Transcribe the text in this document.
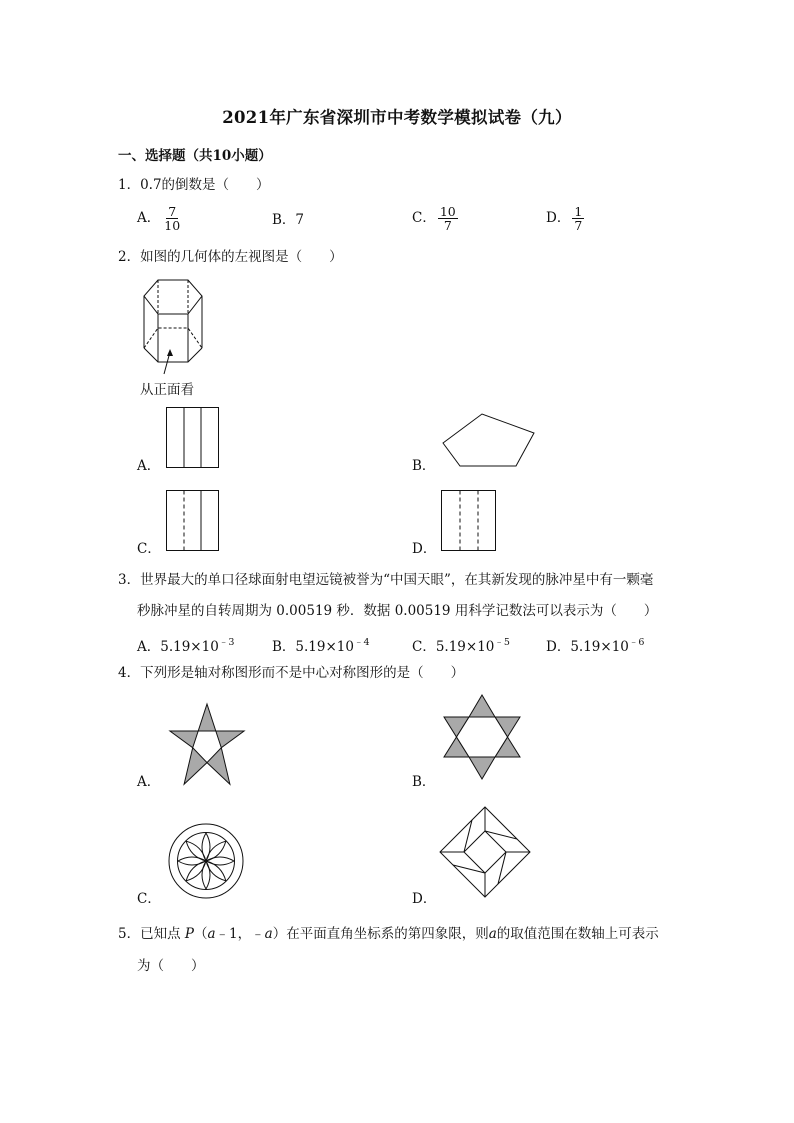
2021年广东省深圳市中考数学模拟试卷（九）
一、选择题（共10小题）
1．0.7的倒数是（　　）
A． $\frac{7}{10}$	B．7	C． $\frac{10}{7}$	D． $\frac{1}{7}$
2．如图的几何体的左视图是（　　）
从正面看
A．	B．
C．	D．
3．世界最大的单口径球面射电望远镜被誉为“中国天眼”，在其新发现的脉冲星中有一颗毫
秒脉冲星的自转周期为 0.00519 秒．数据 0.00519 用科学记数法可以表示为（　　）
A．$5.19\times 10^{﹣3}$	B．$5.19\times 10^{﹣4}$	C．$5.19\times 10^{﹣5}$	D．$5.19\times 10^{﹣6}$
4．下列形是轴对称图形而不是中心对称图形的是（　　）
A．	B．
C．	D．
5．已知点 P（a﹣1，﹣a）在平面直角坐标系的第四象限，则a的取值范围在数轴上可表示
为（　　）
